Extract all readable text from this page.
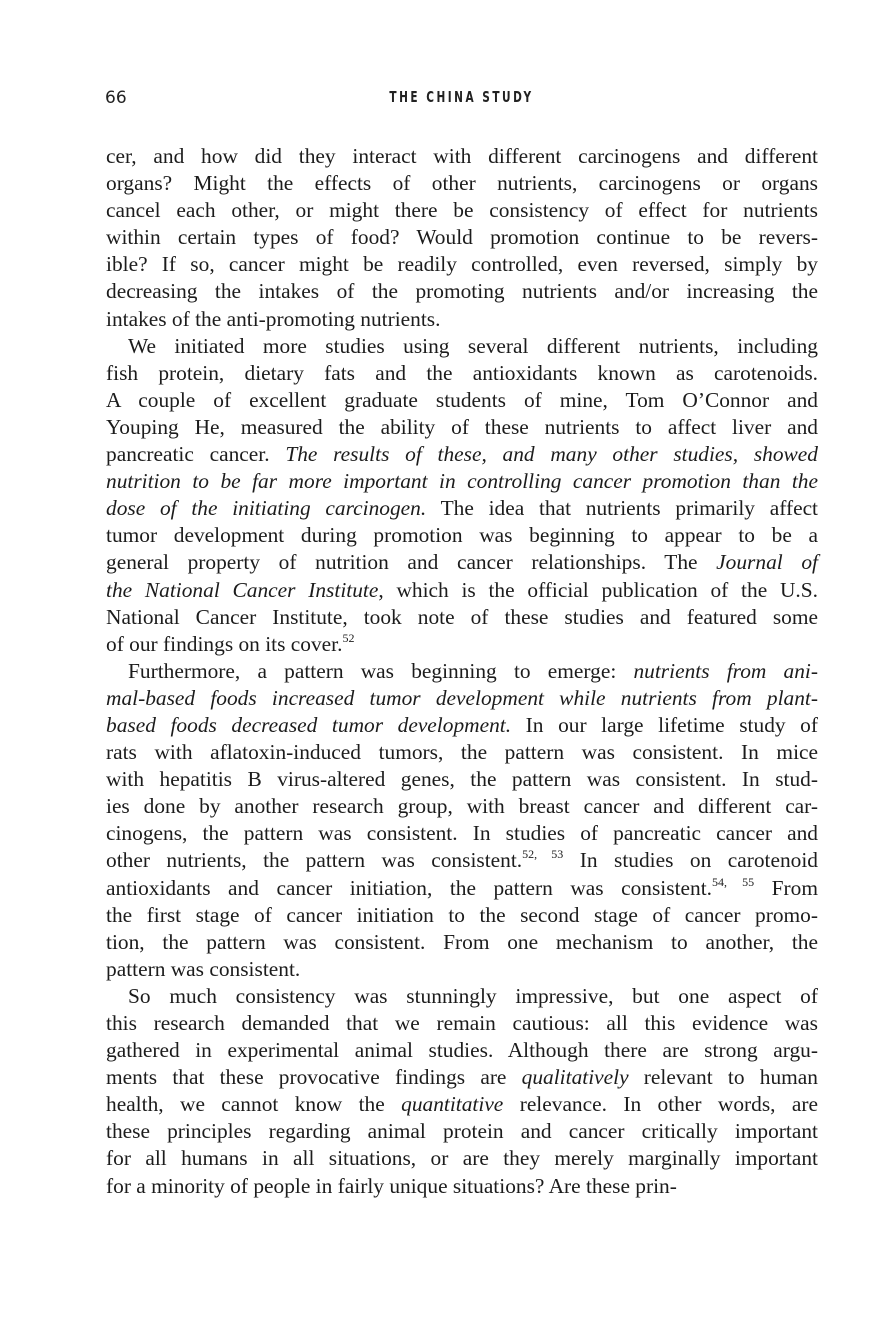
66	THE CHINA STUDY
cer, and how did they interact with different carcinogens and different
organs? Might the effects of other nutrients, carcinogens or organs
cancel each other, or might there be consistency of effect for nutrients
within certain types of food? Would promotion continue to be revers-
ible? If so, cancer might be readily controlled, even reversed, simply by
decreasing the intakes of the promoting nutrients and/or increasing the
intakes of the anti-promoting nutrients.
We initiated more studies using several different nutrients, including
fish protein, dietary fats and the antioxidants known as carotenoids.
A couple of excellent graduate students of mine, Tom O’Connor and
Youping He, measured the ability of these nutrients to affect liver and
pancreatic cancer. The results of these, and many other studies, showed
nutrition to be far more important in controlling cancer promotion than the
dose of the initiating carcinogen. The idea that nutrients primarily affect
tumor development during promotion was beginning to appear to be a
general property of nutrition and cancer relationships. The Journal of
the National Cancer Institute, which is the official publication of the U.S.
National Cancer Institute, took note of these studies and featured some
of our findings on its cover.$^{52}$
Furthermore, a pattern was beginning to emerge: nutrients from ani-
mal-based foods increased tumor development while nutrients from plant-
based foods decreased tumor development. In our large lifetime study of
rats with aflatoxin-induced tumors, the pattern was consistent. In mice
with hepatitis B virus-altered genes, the pattern was consistent. In stud-
ies done by another research group, with breast cancer and different car-
cinogens, the pattern was consistent. In studies of pancreatic cancer and
other nutrients, the pattern was consistent.$^{52, 53}$ In studies on carotenoid
antioxidants and cancer initiation, the pattern was consistent.$^{54, 55}$ From
the first stage of cancer initiation to the second stage of cancer promo-
tion, the pattern was consistent. From one mechanism to another, the
pattern was consistent.
So much consistency was stunningly impressive, but one aspect of
this research demanded that we remain cautious: all this evidence was
gathered in experimental animal studies. Although there are strong argu-
ments that these provocative findings are qualitatively relevant to human
health, we cannot know the quantitative relevance. In other words, are
these principles regarding animal protein and cancer critically important
for all humans in all situations, or are they merely marginally important
for a minority of people in fairly unique situations? Are these prin-
